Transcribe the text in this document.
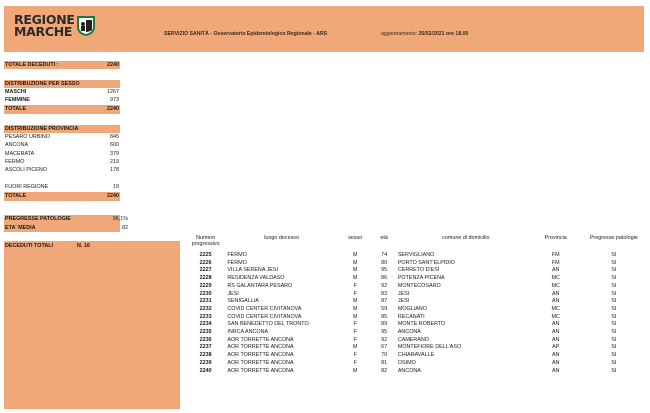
REGIONE
MARCHE	SERVIZIO SANITÀ - Osservatorio Epidemiologico Regionale - ARS	aggiornamento: 26/02/2021 ore 18.00
TOTALE DECEDUTI :	2240
DISTRIBUZIONE PER SESSO
MASCHI	1267
FEMMINE	973
TOTALE	2240
DISTRIBUZIONE PROVINCIA
PESARO URBINO	845
ANCONA	600
MACERATA	379
FERMO	219
ASCOLI PICENO	178
FUORI REGIONE	19
TOTALE	2240
PREGRESSE PATOLOGIE	96,1%
ETA' MEDIA	82
DECEDUTI TOTALI	N. 16
Numero
progressivo	luogo decesso	sesso	età	comune di domicilio	Provincia	Pregresse patologie
2225	FERMO	M	74	SERVIGLIANO	FM	SI
2226	FERMO	M	80	PORTO SANT'ELPIDIO	FM	SI
2227	VILLA SERENA JESI	M	95	CERRETO D'ESI	AN	SI
2228	RESIDENZA VALDASO	M	86	POTENZA PICENA	MC	SI
2229	RS GALANTARA PESARO	F	92	MONTECOSARO	MC	SI
2230	JESI	F	83	JESI	AN	SI
2231	SENIGALLIA	M	87	JESI	AN	SI
2232	COVID CENTER CIVITANOVA	M	59	MOGLIANO	MC	SI
2233	COVID CENTER CIVITANOVA	M	85	RECANATI	MC	SI
2234	SAN BENEDETTO DEL TRONTO	F	89	MONTE ROBERTO	AN	SI
2235	INRCA ANCONA	F	95	ANCONA	AN	SI
2236	AOR TORRETTE ANCONA	F	92	CAMERANO	AN	SI
2237	AOR TORRETTE ANCONA	M	67	MONTEFIORE DELL'ASO	AP	SI
2238	AOR TORRETTE ANCONA	F	70	CHIARAVALLE	AN	SI
2239	AOR TORRETTE ANCONA	F	81	OSIMO	AN	SI
2240	AOR TORRETTE ANCONA	M	82	ANCONA	AN	SI
